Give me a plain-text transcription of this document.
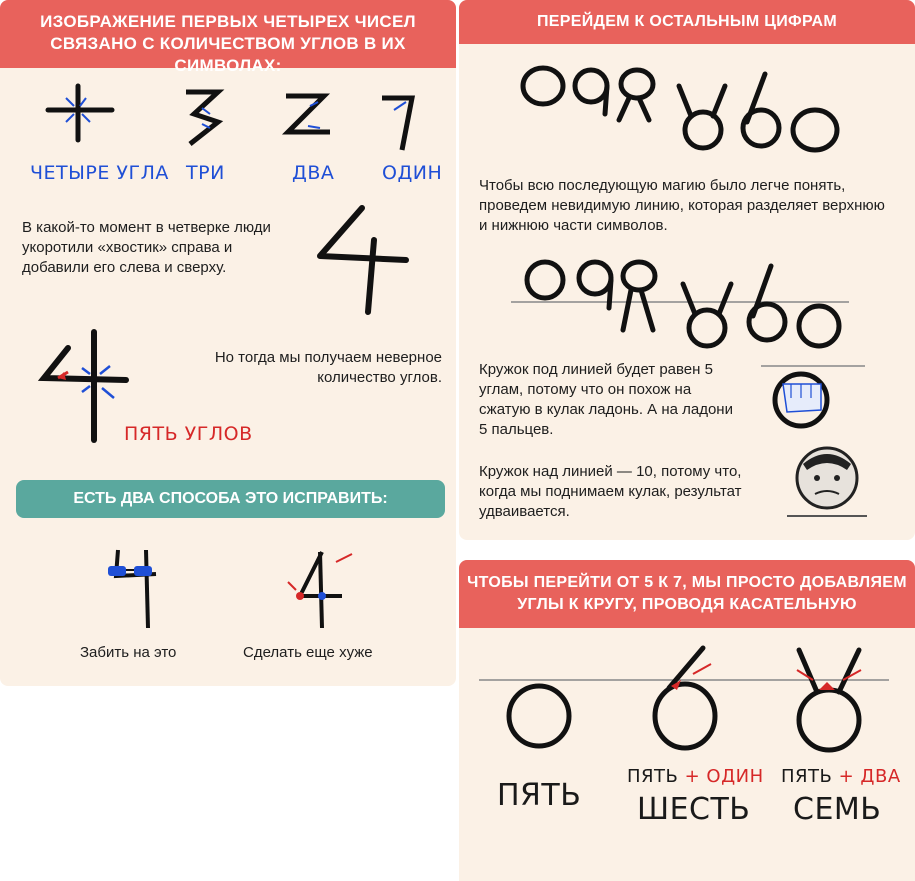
ИЗОБРАЖЕНИЕ ПЕРВЫХ ЧЕТЫРЕХ ЧИСЕЛ
СВЯЗАНО С КОЛИЧЕСТВОМ УГЛОВ В ИХ СИМВОЛАХ:
ЧЕТЫРЕ УГЛА ТРИ	ДВА	ОДИН
В какой-то момент в четверке люди укоротили «хвостик» справа и добавили его слева и сверху.
ПЯТЬ УГЛОВ
Но тогда мы получаем неверное количество углов.
ЕСТЬ ДВА СПОСОБА ЭТО ИСПРАВИТЬ:
Забить на это	Сделать еще хуже
ПЕРЕЙДЕМ К ОСТАЛЬНЫМ ЦИФРАМ
Чтобы всю последующую магию было легче понять, проведем невидимую линию, которая разделяет верхнюю и нижнюю части символов.
Кружок под линией будет равен 5 углам, потому что он похож на сжатую в кулак ладонь. А на ладони 5 пальцев.
Кружок над линией — 10, потому что, когда мы поднимаем кулак, результат удваивается.
ЧТОБЫ ПЕРЕЙТИ ОТ 5 К 7, МЫ ПРОСТО ДОБАВЛЯЕМ
УГЛЫ К КРУГУ, ПРОВОДЯ КАСАТЕЛЬНУЮ
ПЯТЬ
ПЯТЬ + ОДИН
ШЕСТЬ
ПЯТЬ + ДВА
СЕМЬ
